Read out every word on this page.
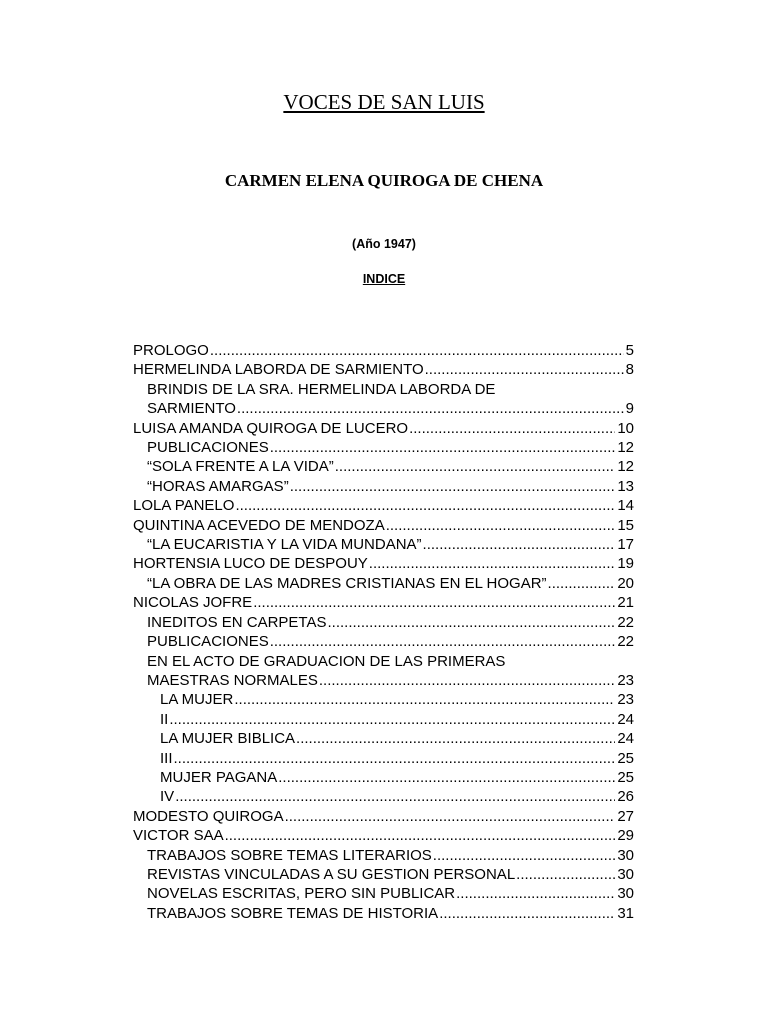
VOCES DE SAN LUIS
CARMEN ELENA QUIROGA DE CHENA
(Año 1947)
INDICE
PROLOGO .....	5
HERMELINDA LABORDA DE SARMIENTO .....	8
BRINDIS DE LA SRA. HERMELINDA LABORDA DE
SARMIENTO .....	9
LUISA AMANDA QUIROGA DE LUCERO .....	10
PUBLICACIONES .....	12
“SOLA FRENTE A LA VIDA” .....	12
“HORAS AMARGAS” .....	13
LOLA PANELO .....	14
QUINTINA ACEVEDO DE MENDOZA .....	15
“LA EUCARISTIA Y LA VIDA MUNDANA” .....	17
HORTENSIA LUCO DE DESPOUY .....	19
“LA OBRA DE LAS MADRES CRISTIANAS EN EL HOGAR” .....	20
NICOLAS JOFRE .....	21
INEDITOS EN CARPETAS .....	22
PUBLICACIONES .....	22
EN EL ACTO DE GRADUACION DE LAS PRIMERAS
MAESTRAS NORMALES .....	23
LA MUJER .....	23
II .....	24
LA MUJER BIBLICA .....	24
III .....	25
MUJER PAGANA .....	25
IV .....	26
MODESTO QUIROGA .....	27
VICTOR SAA .....	29
TRABAJOS SOBRE TEMAS LITERARIOS .....	30
REVISTAS VINCULADAS A SU GESTION PERSONAL .....	30
NOVELAS ESCRITAS, PERO SIN PUBLICAR .....	30
TRABAJOS SOBRE TEMAS DE HISTORIA .....	31
